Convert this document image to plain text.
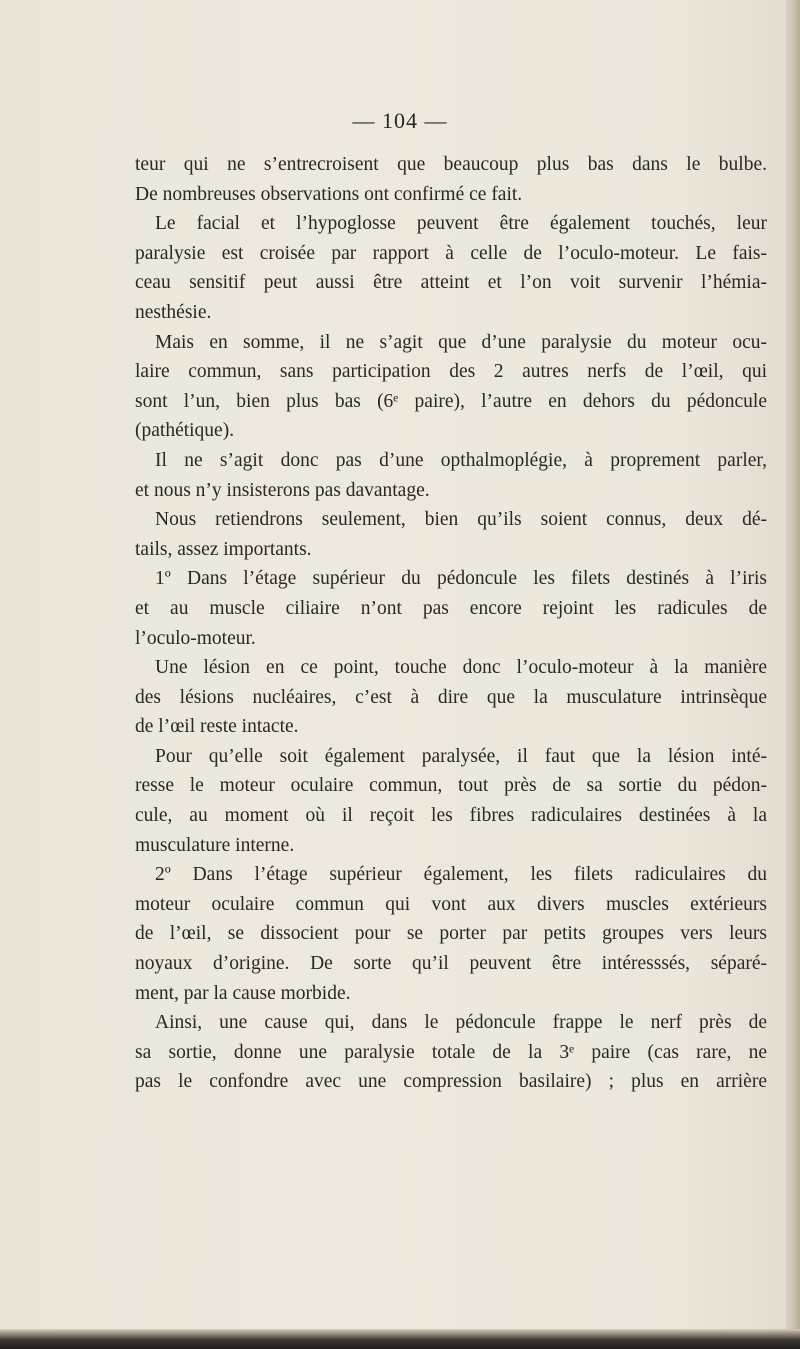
— 104 —
teur qui ne s’entrecroisent que beaucoup plus bas dans le bulbe.
De nombreuses observations ont confirmé ce fait.
Le facial et l’hypoglosse peuvent être également touchés, leur
paralysie est croisée par rapport à celle de l’oculo-moteur. Le fais-
ceau sensitif peut aussi être atteint et l’on voit survenir l’hémia-
nesthésie.
Mais en somme, il ne s’agit que d’une paralysie du moteur ocu-
laire commun, sans participation des 2 autres nerfs de l’œil, qui
sont l’un, bien plus bas (6ᵉ paire), l’autre en dehors du pédoncule
(pathétique).
Il ne s’agit donc pas d’une opthalmoplégie, à proprement parler,
et nous n’y insisterons pas davantage.
Nous retiendrons seulement, bien qu’ils soient connus, deux dé-
tails, assez importants.
1º Dans l’étage supérieur du pédoncule les filets destinés à l’iris
et au muscle ciliaire n’ont pas encore rejoint les radicules de
l’oculo-moteur.
Une lésion en ce point, touche donc l’oculo-moteur à la manière
des lésions nucléaires, c’est à dire que la musculature intrinsèque
de l’œil reste intacte.
Pour qu’elle soit également paralysée, il faut que la lésion inté-
resse le moteur oculaire commun, tout près de sa sortie du pédon-
cule, au moment où il reçoit les fibres radiculaires destinées à la
musculature interne.
2º Dans l’étage supérieur également, les filets radiculaires du
moteur oculaire commun qui vont aux divers muscles extérieurs
de l’œil, se dissocient pour se porter par petits groupes vers leurs
noyaux d’origine. De sorte qu’il peuvent être intéresssés, séparé-
ment, par la cause morbide.
Ainsi, une cause qui, dans le pédoncule frappe le nerf près de
sa sortie, donne une paralysie totale de la 3ᵉ paire (cas rare, ne
pas le confondre avec une compression basilaire) ; plus en arrière
